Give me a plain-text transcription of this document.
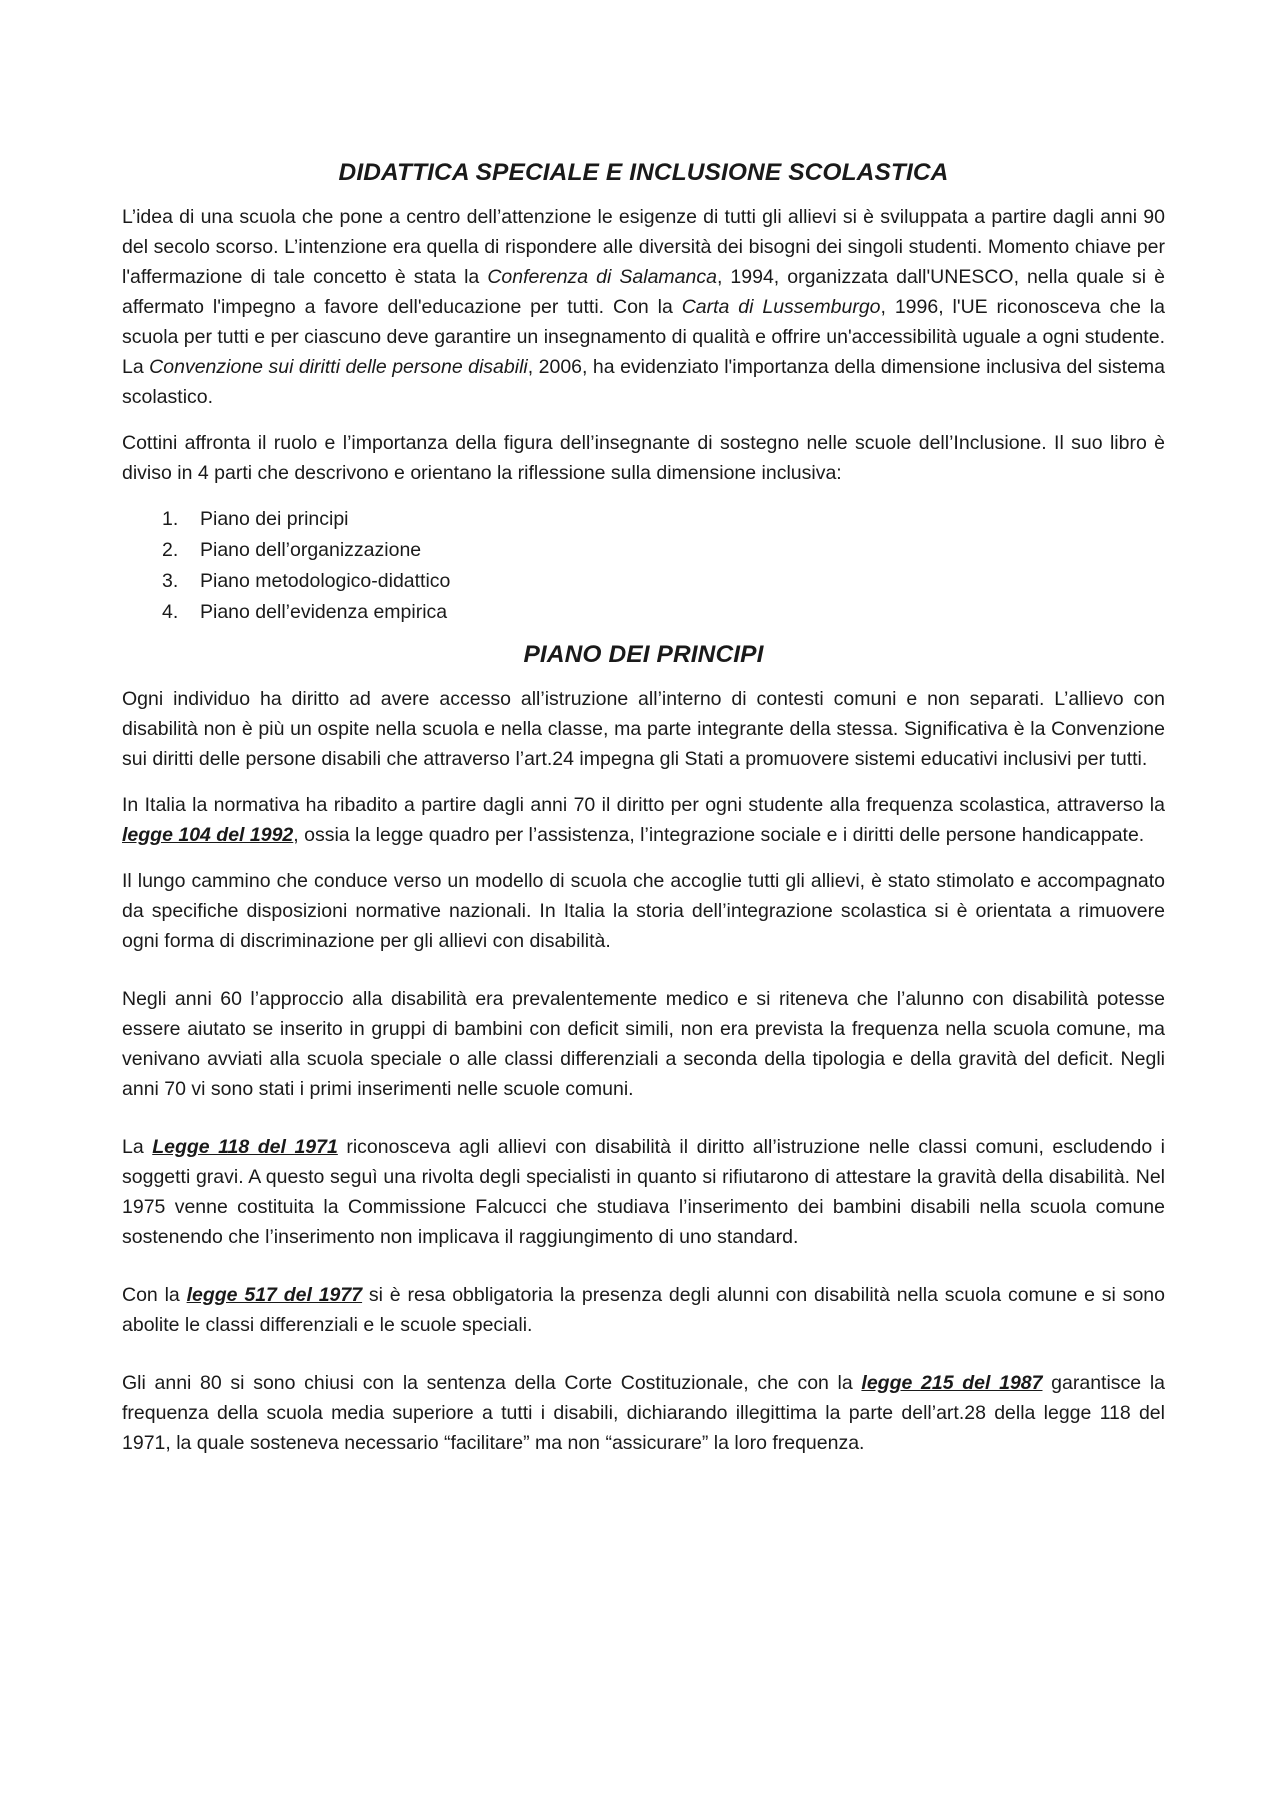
DIDATTICA SPECIALE E INCLUSIONE SCOLASTICA

L’idea di una scuola che pone a centro dell’attenzione le esigenze di tutti gli allievi si è sviluppata a partire dagli anni 90 del secolo scorso. L’intenzione era quella di rispondere alle diversità dei bisogni dei singoli studenti. Momento chiave per l'affermazione di tale concetto è stata la Conferenza di Salamanca, 1994, organizzata dall'UNESCO, nella quale si è affermato l'impegno a favore dell'educazione per tutti. Con la Carta di Lussemburgo, 1996, l'UE riconosceva che la scuola per tutti e per ciascuno deve garantire un insegnamento di qualità e offrire un'accessibilità uguale a ogni studente. La Convenzione sui diritti delle persone disabili, 2006, ha evidenziato l'importanza della dimensione inclusiva del sistema scolastico.

Cottini affronta il ruolo e l’importanza della figura dell’insegnante di sostegno nelle scuole dell’Inclusione. Il suo libro è diviso in 4 parti che descrivono e orientano la riflessione sulla dimensione inclusiva:

1. Piano dei principi
2. Piano dell’organizzazione
3. Piano metodologico-didattico
4. Piano dell’evidenza empirica
PIANO DEI PRINCIPI

Ogni individuo ha diritto ad avere accesso all’istruzione all’interno di contesti comuni e non separati. L’allievo con disabilità non è più un ospite nella scuola e nella classe, ma parte integrante della stessa. Significativa è la Convenzione sui diritti delle persone disabili che attraverso l’art.24 impegna gli Stati a promuovere sistemi educativi inclusivi per tutti.

In Italia la normativa ha ribadito a partire dagli anni 70 il diritto per ogni studente alla frequenza scolastica, attraverso la legge 104 del 1992, ossia la legge quadro per l’assistenza, l’integrazione sociale e i diritti delle persone handicappate.

Il lungo cammino che conduce verso un modello di scuola che accoglie tutti gli allievi, è stato stimolato e accompagnato da specifiche disposizioni normative nazionali. In Italia la storia dell’integrazione scolastica si è orientata a rimuovere ogni forma di discriminazione per gli allievi con disabilità.

Negli anni 60 l’approccio alla disabilità era prevalentemente medico e si riteneva che l’alunno con disabilità potesse essere aiutato se inserito in gruppi di bambini con deficit simili, non era prevista la frequenza nella scuola comune, ma venivano avviati alla scuola speciale o alle classi differenziali a seconda della tipologia e della gravità del deficit. Negli anni 70 vi sono stati i primi inserimenti nelle scuole comuni.

La Legge 118 del 1971 riconosceva agli allievi con disabilità il diritto all’istruzione nelle classi comuni, escludendo i soggetti gravi. A questo seguì una rivolta degli specialisti in quanto si rifiutarono di attestare la gravità della disabilità. Nel 1975 venne costituita la Commissione Falcucci che studiava l’inserimento dei bambini disabili nella scuola comune sostenendo che l’inserimento non implicava il raggiungimento di uno standard.

Con la legge 517 del 1977 si è resa obbligatoria la presenza degli alunni con disabilità nella scuola comune e si sono abolite le classi differenziali e le scuole speciali.

Gli anni 80 si sono chiusi con la sentenza della Corte Costituzionale, che con la legge 215 del 1987 garantisce la frequenza della scuola media superiore a tutti i disabili, dichiarando illegittima la parte dell’art.28 della legge 118 del 1971, la quale sosteneva necessario “facilitare” ma non “assicurare” la loro frequenza.
